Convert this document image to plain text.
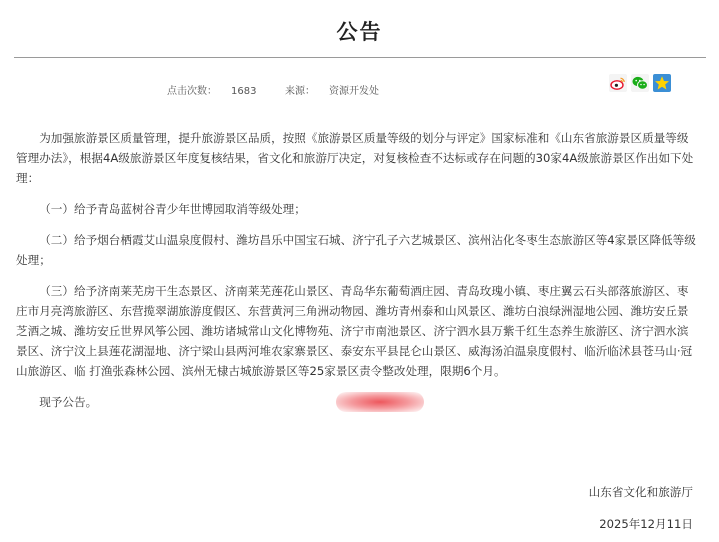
公告
点击次数： 1683	来源： 资源开发处

为加强旅游景区质量管理，提升旅游景区品质，按照《旅游景区质量等级的划分与评定》国家标准和《山东省旅游景区质量等级管理办法》，根据4A级旅游景区年度复核结果，省文化和旅游厅决定，对复核检查不达标或存在问题的30家4A级旅游景区作出如下处理：

（一）给予青岛蓝树谷青少年世博园取消等级处理；

（二）给予烟台栖霞艾山温泉度假村、潍坊昌乐中国宝石城、济宁孔子六艺城景区、滨州沾化冬枣生态旅游区等4家景区降低等级处理；

（三）给予济南莱芜房干生态景区、济南莱芜莲花山景区、青岛华东葡萄酒庄园、青岛玫瑰小镇、枣庄翼云石头部落旅游区、枣庄市月亮湾旅游区、东营揽翠湖旅游度假区、东营黄河三角洲动物园、潍坊青州泰和山风景区、潍坊白浪绿洲湿地公园、潍坊安丘景芝酒之城、潍坊安丘世界风筝公园、潍坊诸城常山文化博物苑、济宁市南池景区、济宁泗水县万紫千红生态养生旅游区、济宁泗水滨景区、济宁汶上县莲花湖湿地、济宁梁山县两河堆农家寨景区、泰安东平县昆仑山景区、威海汤泊温泉度假村、临沂临沭县苍马山·冠山旅游区、临 打渔张森林公园、滨州无棣古城旅游景区等25家景区责令整改处理，限期6个月。

现予公告。

山东省文化和旅游厅
2025年12月11日
